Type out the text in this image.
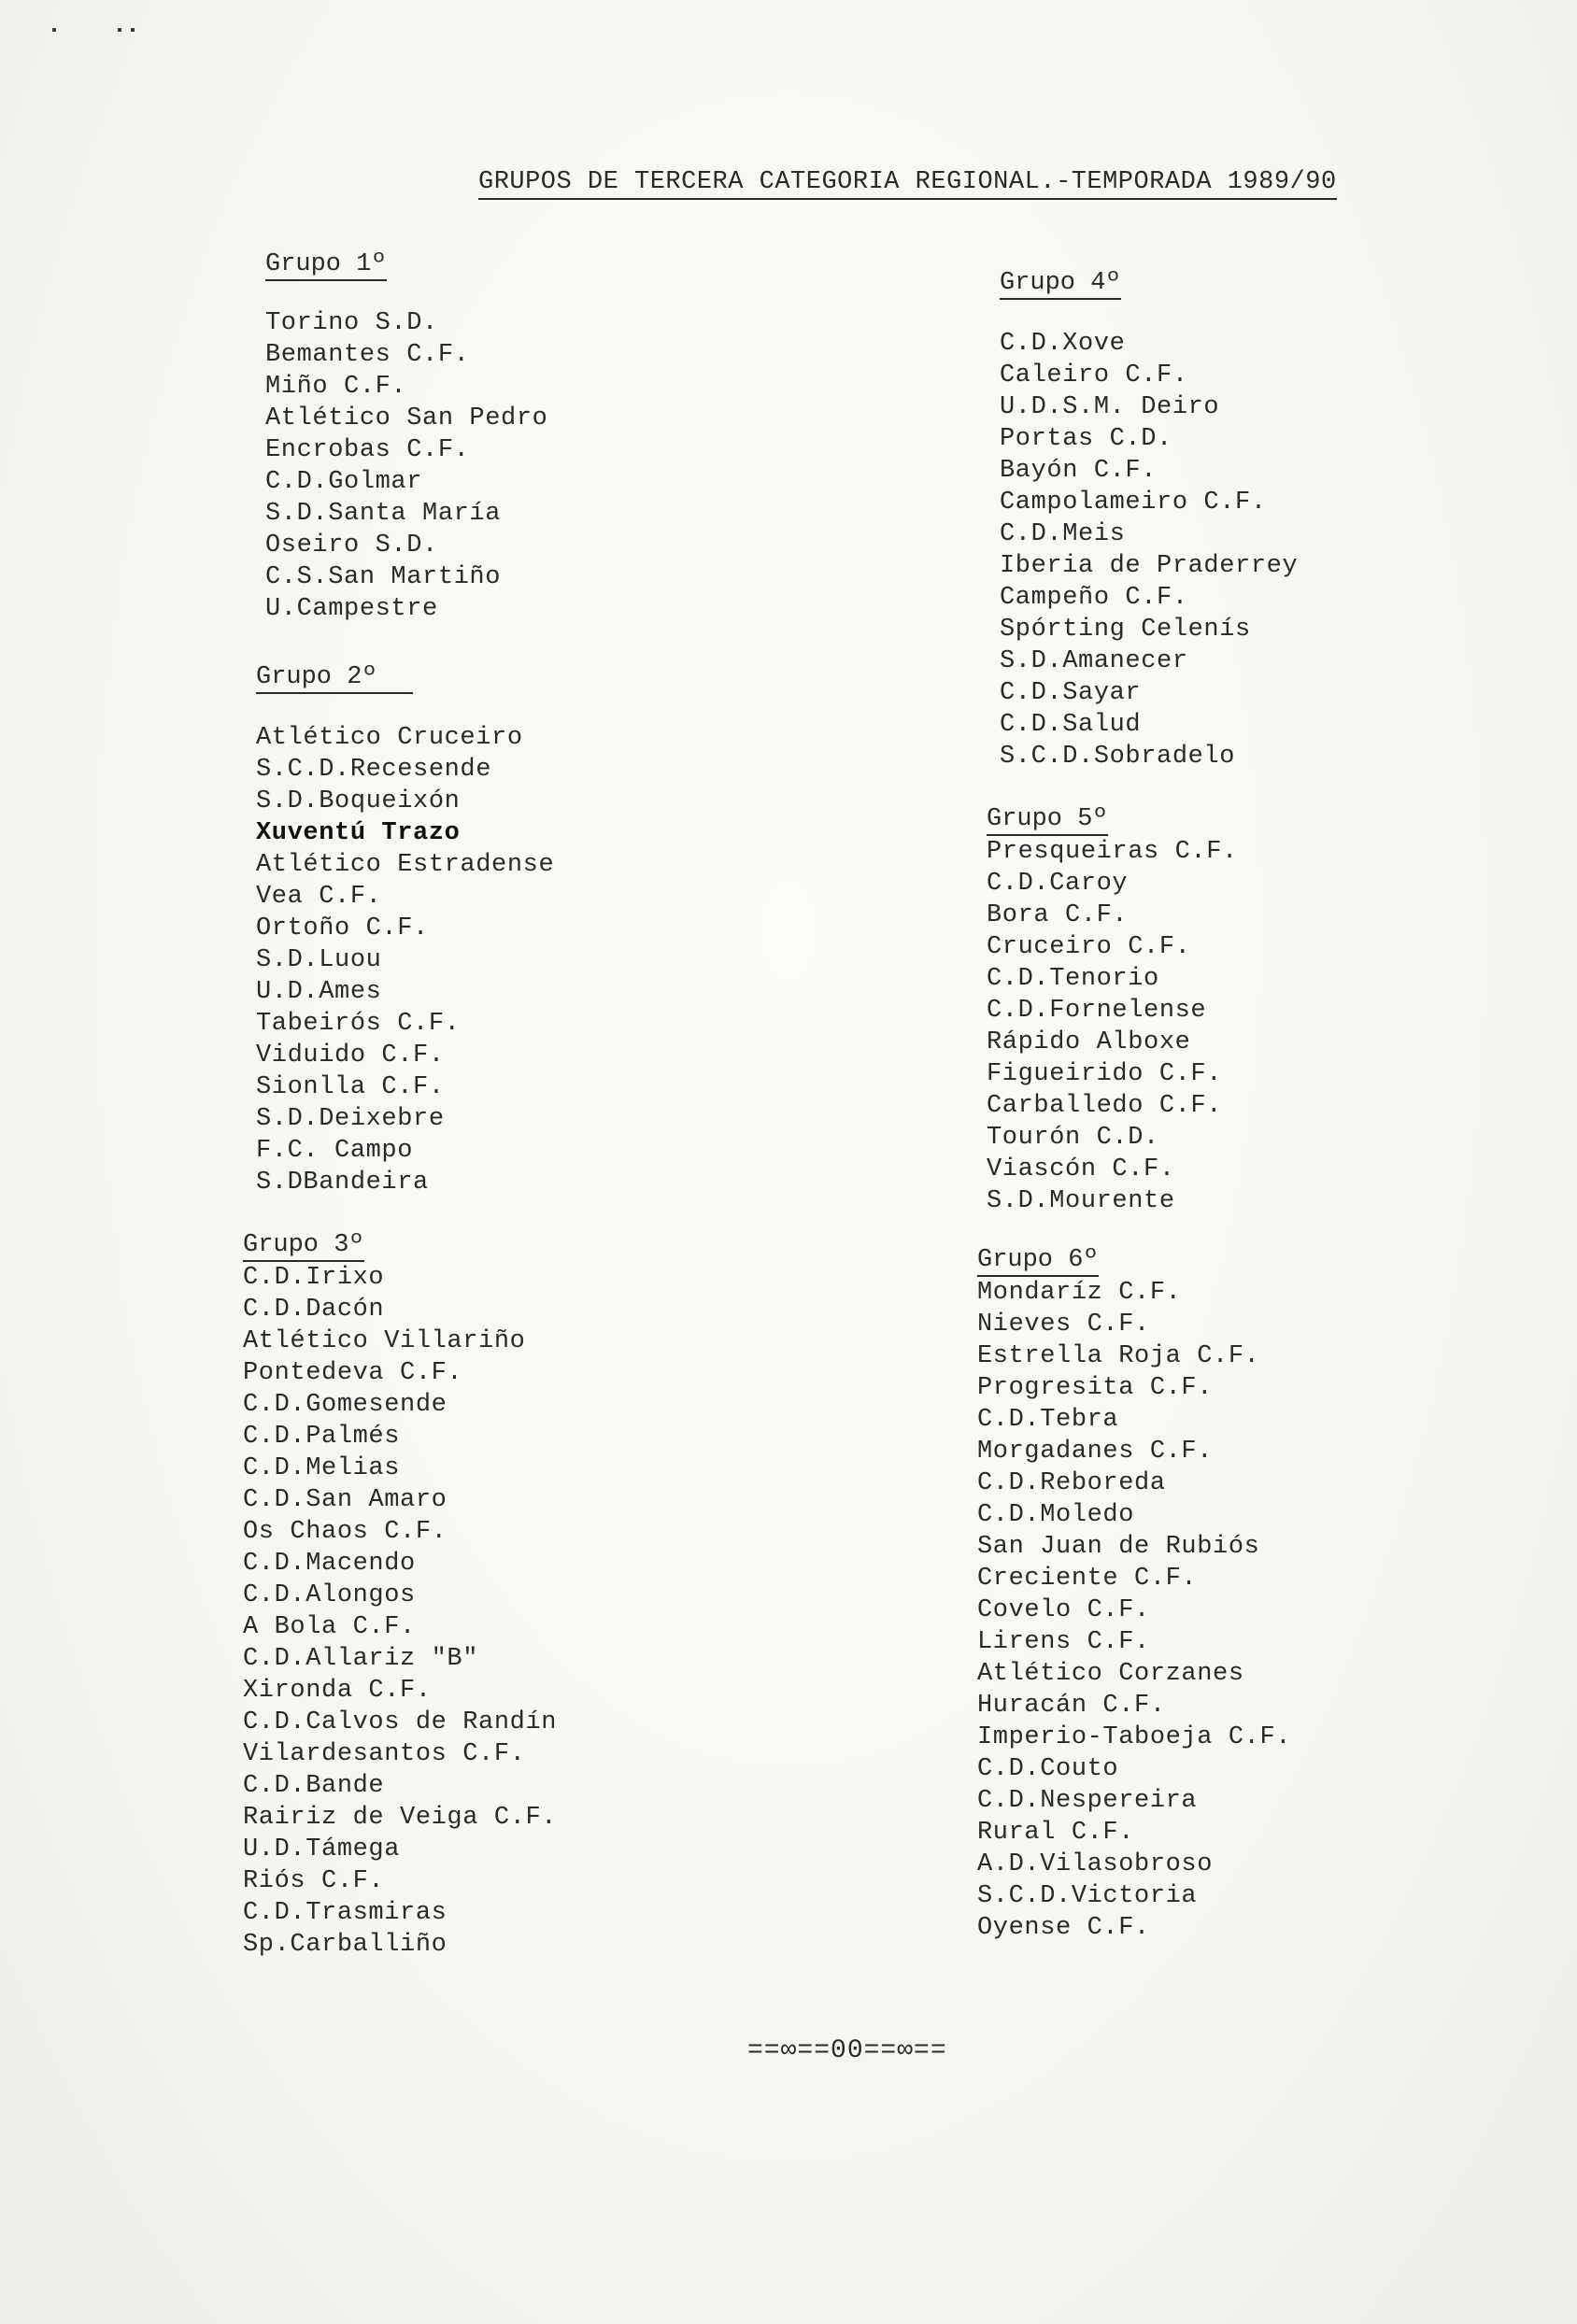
GRUPOS DE TERCERA CATEGORIA REGIONAL.-TEMPORADA 1989/90
Grupo 1º
Torino S.D.
Bemantes C.F.
Miño C.F.
Atlético San Pedro
Encrobas C.F.
C.D.Golmar
S.D.Santa María
Oseiro S.D.
C.S.San Martiño
U.Campestre
Grupo 2º
Atlético Cruceiro
S.C.D.Recesende
S.D.Boqueixón
Xuventú Trazo
Atlético Estradense
Vea C.F.
Ortoño C.F.
S.D.Luou
U.D.Ames
Tabeirós C.F.
Viduido C.F.
Sionlla C.F.
S.D.Deixebre
F.C. Campo
S.DBandeira
Grupo 3º
C.D.Irixo
C.D.Dacón
Atlético Villariño
Pontedeva C.F.
C.D.Gomesende
C.D.Palmés
C.D.Melias
C.D.San Amaro
Os Chaos C.F.
C.D.Macendo
C.D.Alongos
A Bola C.F.
C.D.Allariz "B"
Xironda C.F.
C.D.Calvos de Randín
Vilardesantos C.F.
C.D.Bande
Rairiz de Veiga C.F.
U.D.Támega
Riós C.F.
C.D.Trasmiras
Sp.Carballiño
Grupo 4º
C.D.Xove
Caleiro C.F.
U.D.S.M. Deiro
Portas C.D.
Bayón C.F.
Campolameiro C.F.
C.D.Meis
Iberia de Praderrey
Campeño C.F.
Spórting Celenís
S.D.Amanecer
C.D.Sayar
C.D.Salud
S.C.D.Sobradelo
Grupo 5º
Presqueiras C.F.
C.D.Caroy
Bora C.F.
Cruceiro C.F.
C.D.Tenorio
C.D.Fornelense
Rápido Alboxe
Figueirido C.F.
Carballedo C.F.
Tourón C.D.
Viascón C.F.
S.D.Mourente
Grupo 6º
Mondaríz C.F.
Nieves C.F.
Estrella Roja C.F.
Progresita C.F.
C.D.Tebra
Morgadanes C.F.
C.D.Reboreda
C.D.Moledo
San Juan de Rubiós
Creciente C.F.
Covelo C.F.
Lirens C.F.
Atlético Corzanes
Huracán C.F.
Imperio-Taboeja C.F.
C.D.Couto
C.D.Nespereira
Rural C.F.
A.D.Vilasobroso
S.C.D.Victoria
Oyense C.F.
==∞==00==∞==
